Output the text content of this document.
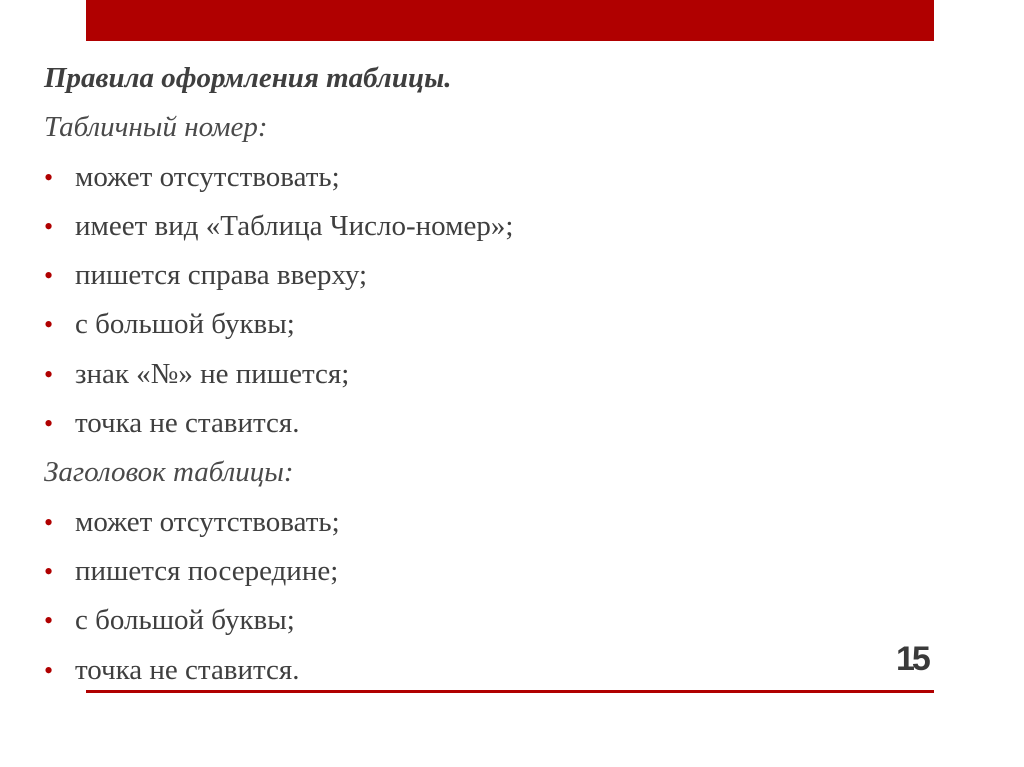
Правила оформления таблицы.
Табличный номер:
• может отсутствовать;
• имеет вид «Таблица Число-номер»;
• пишется справа вверху;
• с большой буквы;
• знак «№» не пишется;
• точка не ставится.
Заголовок таблицы:
• может отсутствовать;
• пишется посередине;
• с большой буквы;
• точка не ставится.	15
